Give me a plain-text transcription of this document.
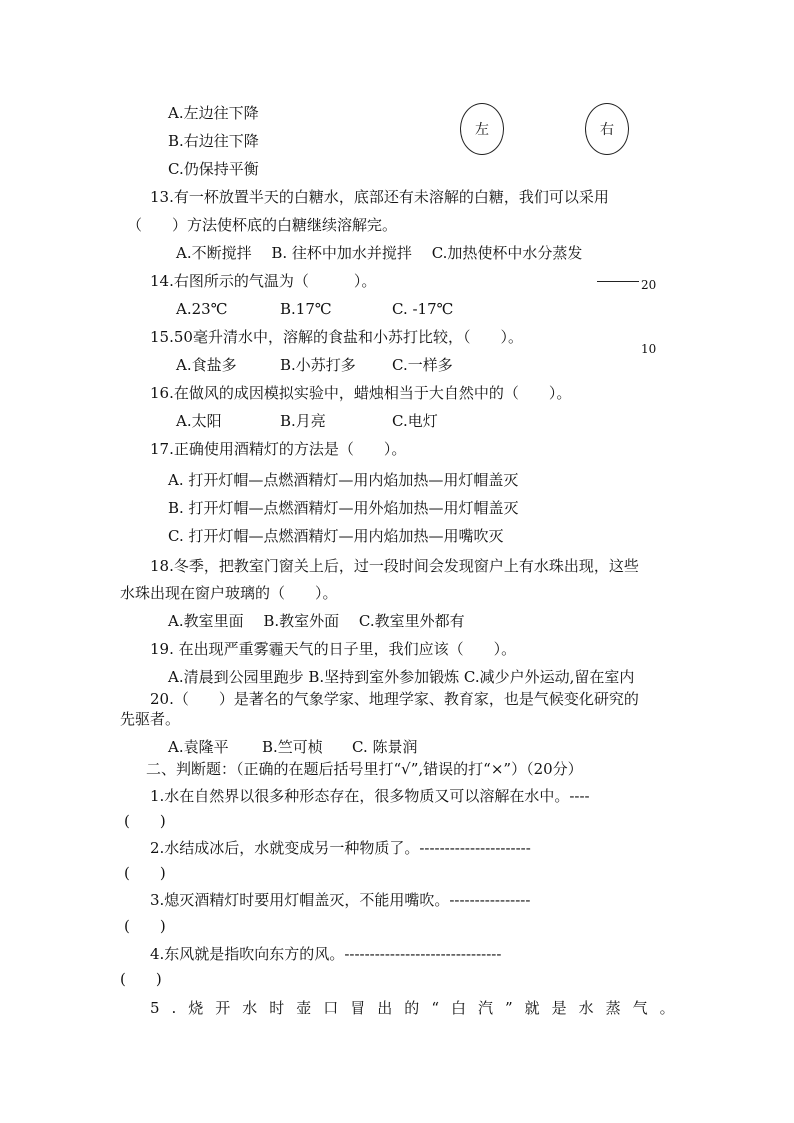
A.左边往下降
B.右边往下降
C.仍保持平衡
左	右
13.有一杯放置半天的白糖水，底部还有未溶解的白糖，我们可以采用
（　　）方法使杯底的白糖继续溶解完。
A.不断搅拌　 B. 往杯中加水并搅拌　 C.加热使杯中水分蒸发
14.右图所示的气温为（　　　）。	20
A.23℃	B.17℃	C. -17℃
15.50毫升清水中，溶解的食盐和小苏打比较，（　　）。
10
A.食盐多	B.小苏打多 C.一样多
16.在做风的成因模拟实验中，蜡烛相当于大自然中的（　　）。
A.太阳	B.月亮	C.电灯
17.正确使用酒精灯的方法是（　　）。
A. 打开灯帽—点燃酒精灯—用内焰加热—用灯帽盖灭
B. 打开灯帽—点燃酒精灯—用外焰加热—用灯帽盖灭
C. 打开灯帽—点燃酒精灯—用内焰加热—用嘴吹灭
18.冬季，把教室门窗关上后，过一段时间会发现窗户上有水珠出现，这些
水珠出现在窗户玻璃的（　　）。
A.教室里面　 B.教室外面　 C.教室里外都有
19. 在出现严重雾霾天气的日子里，我们应该（　　）。
A.清晨到公园里跑步 B.坚持到室外参加锻炼 C.减少户外运动,留在室内
20.（　　）是著名的气象学家、地理学家、教育家，也是气候变化研究的
先驱者。
A.袁隆平 B.竺可桢 C. 陈景润
二、判断题：（正确的在题后括号里打“√”,错误的打“×”）（20分）
1.水在自然界以很多种形态存在，很多物质又可以溶解在水中。----
(　　)
2.水结成冰后，水就变成另一种物质了。----------------------
(　　)
3.熄灭酒精灯时要用灯帽盖灭，不能用嘴吹。----------------
(　　)
4.东风就是指吹向东方的风。-------------------------------
(　　)
5.烧开水时壶口冒出的“白汽”就是水蒸气。
